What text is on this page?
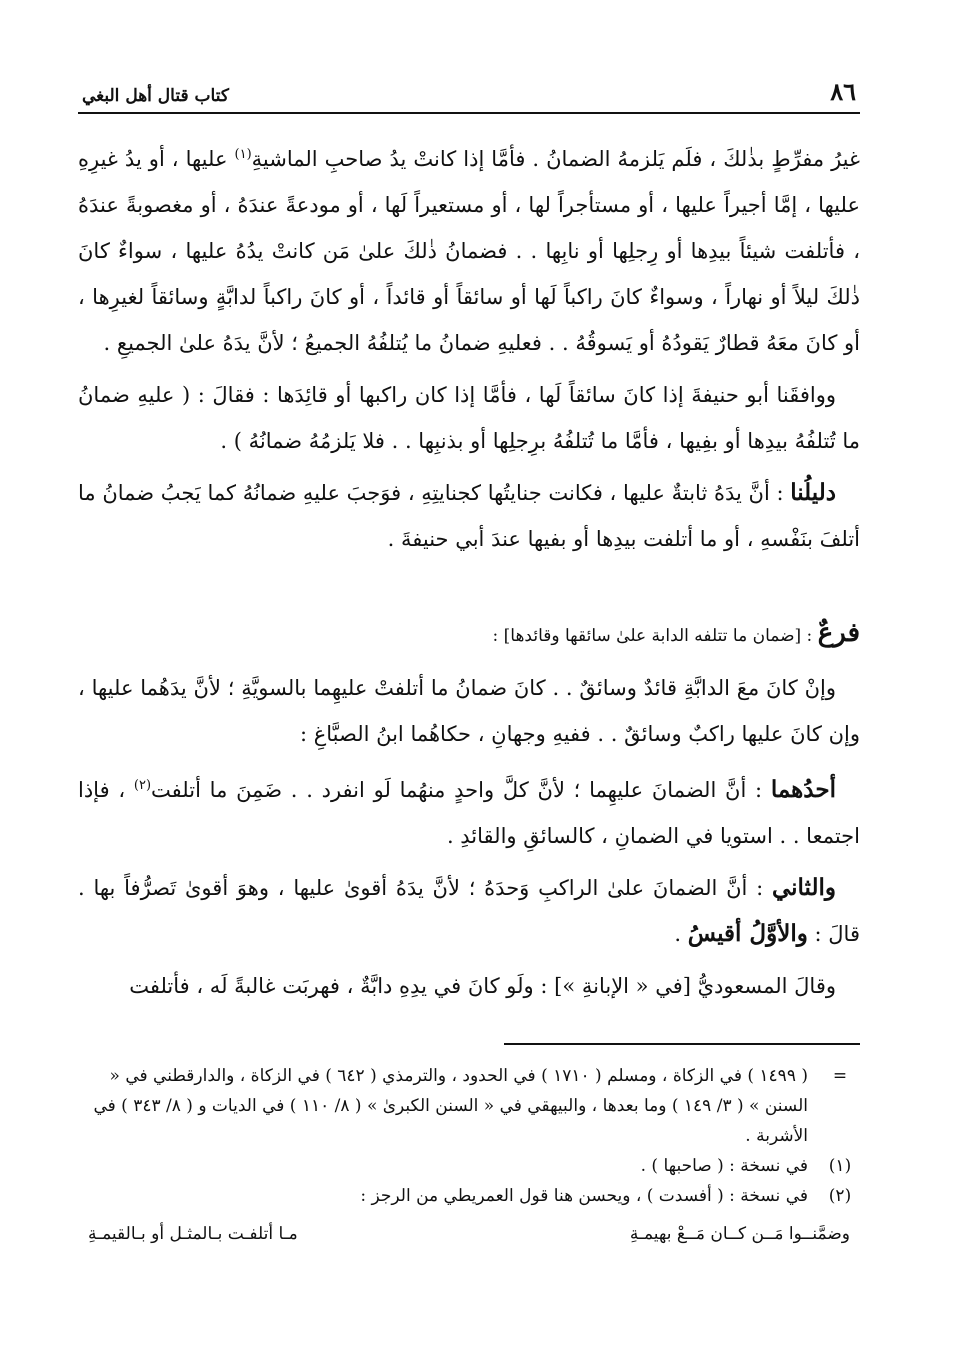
٨٦
كتاب قتال أهل البغي

غيرُ مفرِّطٍ بذٰلكَ ، فلَم يَلزمهُ الضمانُ . فأمَّا إذا كانتْ يدُ صاحبِ الماشيةِ$^{(١)}$ عليها ، أو يدُ غيرِهِ عليها ، إمَّا أجيراً عليها ، أو مستأجراً لها ، أو مستعيراً لَها ، أو مودعةً عندَهُ ، أو مغصوبةً عندَهُ ، فأتلفت شيئاً بيدِها أو رِجلِها أو نابِها . . فضمانُ ذٰلكَ علىٰ مَن كانتْ يدُهُ عليها ، سواءٌ كانَ ذٰلكَ ليلاً أو نهاراً ، وسواءٌ كانَ راكباً لَها أو سائقاً أو قائداً ، أو كانَ راكباً لدابَّةٍ وسائقاً لغيرِها ، أو كانَ معَهُ قطارٌ يَقودُهُ أو يَسوقُهُ . . فعليهِ ضمانُ ما يُتلفُهُ الجميعُ ؛ لأنَّ يدَهُ علىٰ الجميعِ .

ووافقَنا أبو حنيفةَ إذا كانَ سائقاً لَها ، فأمَّا إذا كان راكبها أو قائِدَها : فقالَ : ( عليهِ ضمانُ ما تُتلفُهُ بيدِها أو بفِيها ، فأمَّا ما تُتلفُهُ برِجلِها أو بذنبِها . . فلا يَلزمُهُ ضمانُهُ ) .

دليلُنا : أنَّ يدَهُ ثابتةٌ عليها ، فكانت جنايتُها كجنايتِهِ ، فوَجبَ عليهِ ضمانُهُ كما يَجبُ ضمانُ ما أتلفَ بنَفْسهِ ، أو ما أتلفت بيدِها أو بفيها عندَ أبي حنيفةَ .

فرعٌ : [ضمان ما تتلفه الدابة علىٰ سائقها وقائدها] :

وإنْ كانَ معَ الدابَّةِ قائدٌ وسائقٌ . . كانَ ضمانُ ما أتلفتْ عليهِما بالسويَّةِ ؛ لأنَّ يدَهُما عليها ، وإن كانَ عليها راكبٌ وسائقٌ . . ففيهِ وجهانِ ، حكاهُما ابنُ الصبَّاغِ :

أحدُهما : أنَّ الضمانَ عليهِما ؛ لأنَّ كلَّ واحدٍ منهُما لَو انفرد . . ضَمِنَ ما أتلفت$^{(٢)}$ ، فإذا اجتمعا . . استويا في الضمانِ ، كالسائقِ والقائدِ .

والثاني : أنَّ الضمانَ علىٰ الراكبِ وَحدَهُ ؛ لأنَّ يدَهُ أقوىٰ عليها ، وهوَ أقوىٰ تَصرُّفاً بها . قالَ : والأوَّلُ أقيسُ .

وقالَ المسعوديُّ [في « الإبانةِ »] : ولَو كانَ في يدِهِ دابَّةٌ ، فهربَت غالبةً لَه ، فأتلفت

=
( ١٤٩٩ ) في الزكاة ، ومسلم ( ١٧١٠ ) في الحدود ، والترمذي ( ٦٤٢ ) في الزكاة ، والدارقطني في « السنن » ( ٣/ ١٤٩ ) وما بعدها ، والبيهقي في « السنن الكبرىٰ » ( ٨/ ١١٠ ) في الديات و ( ٨/ ٣٤٣ ) في الأشربة .
(١)
في نسخة : ( صاحبها ) .
(٢)
في نسخة : ( أفسدت ) ، ويحسن هنا قول العمريطي من الرجز :
وضمَّنــوا مَــن كــان مَــعْ بهيمـةِ
مـا أتلفـت بـالمثـل أو بـالقيمـةِ
